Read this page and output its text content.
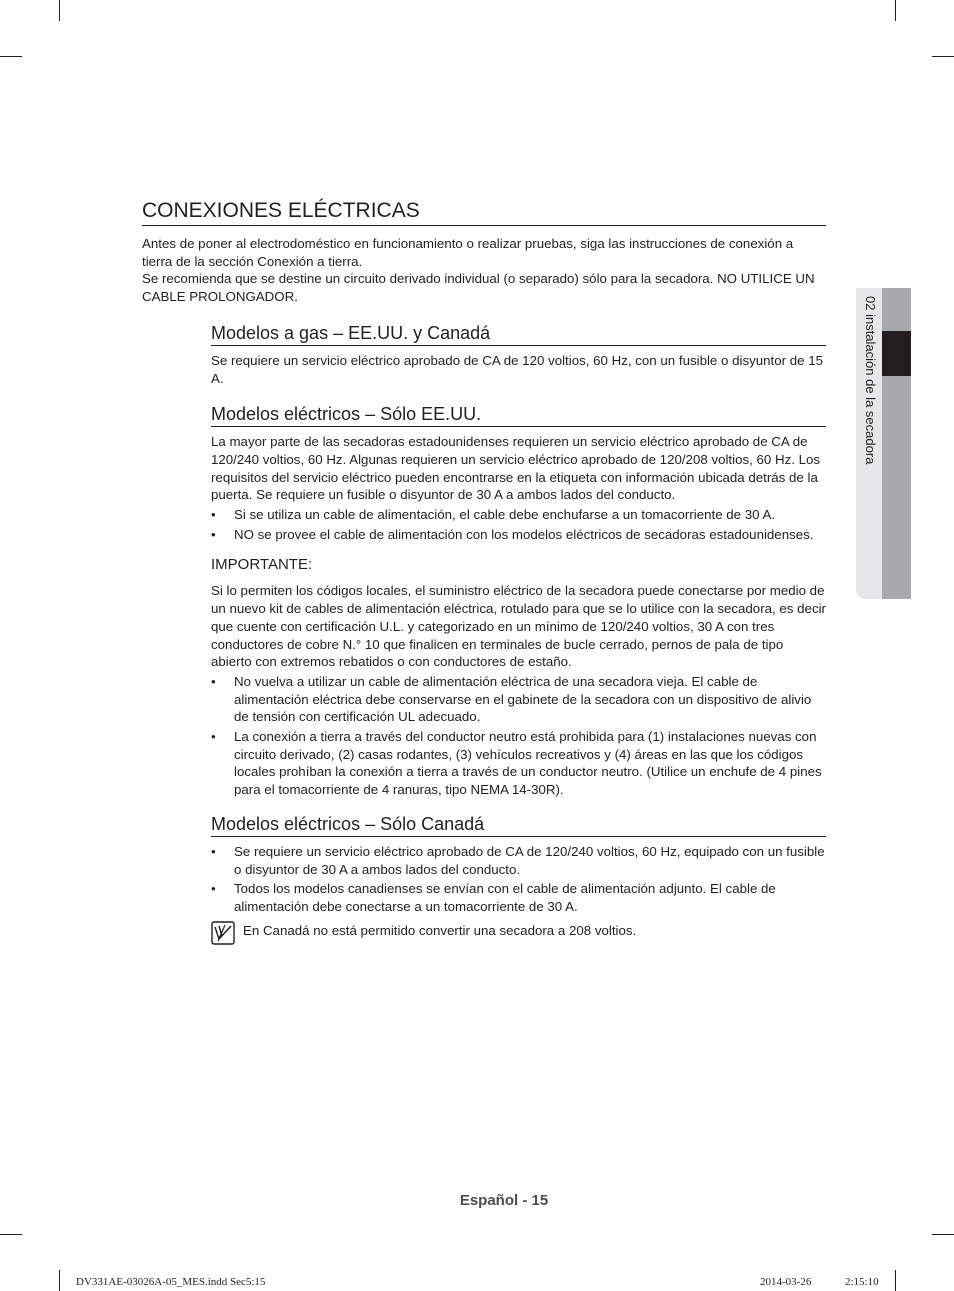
02 instalación de la secadora
CONEXIONES ELÉCTRICAS

Antes de poner al electrodoméstico en funcionamiento o realizar pruebas, siga las instrucciones de conexión a tierra de la sección Conexión a tierra.

Se recomienda que se destine un circuito derivado individual (o separado) sólo para la secadora. NO UTILICE UN CABLE PROLONGADOR.

Modelos a gas – EE.UU. y Canadá

Se requiere un servicio eléctrico aprobado de CA de 120 voltios, 60 Hz, con un fusible o disyuntor de 15 A.

Modelos eléctricos – Sólo EE.UU.

La mayor parte de las secadoras estadounidenses requieren un servicio eléctrico aprobado de CA de 120/240 voltios, 60 Hz. Algunas requieren un servicio eléctrico aprobado de 120/208 voltios, 60 Hz. Los requisitos del servicio eléctrico pueden encontrarse en la etiqueta con información ubicada detrás de la puerta. Se requiere un fusible o disyuntor de 30 A a ambos lados del conducto.

• Si se utiliza un cable de alimentación, el cable debe enchufarse a un tomacorriente de 30 A.
• NO se provee el cable de alimentación con los modelos eléctricos de secadoras estadounidenses.

IMPORTANTE:

Si lo permiten los códigos locales, el suministro eléctrico de la secadora puede conectarse por medio de un nuevo kit de cables de alimentación eléctrica, rotulado para que se lo utilice con la secadora, es decir que cuente con certificación U.L. y categorizado en un mínimo de 120/240 voltios, 30 A con tres conductores de cobre N.° 10 que finalicen en terminales de bucle cerrado, pernos de pala de tipo abierto con extremos rebatidos o con conductores de estaño.

• No vuelva a utilizar un cable de alimentación eléctrica de una secadora vieja. El cable de alimentación eléctrica debe conservarse en el gabinete de la secadora con un dispositivo de alivio de tensión con certificación UL adecuado.
• La conexión a tierra a través del conductor neutro está prohibida para (1) instalaciones nuevas con circuito derivado, (2) casas rodantes, (3) vehículos recreativos y (4) áreas en las que los códigos locales prohíban la conexión a tierra a través de un conductor neutro. (Utilice un enchufe de 4 pines para el tomacorriente de 4 ranuras, tipo NEMA 14-30R).
Modelos eléctricos – Sólo Canadá
• Se requiere un servicio eléctrico aprobado de CA de 120/240 voltios, 60 Hz, equipado con un fusible o disyuntor de 30 A a ambos lados del conducto.
• Todos los modelos canadienses se envían con el cable de alimentación adjunto. El cable de alimentación debe conectarse a un tomacorriente de 30 A.
En Canadá no está permitido convertir una secadora a 208 voltios.
Español - 15
DV331AE-03026A-05_MES.indd Sec5:15	2014-03-26	2:15:10
